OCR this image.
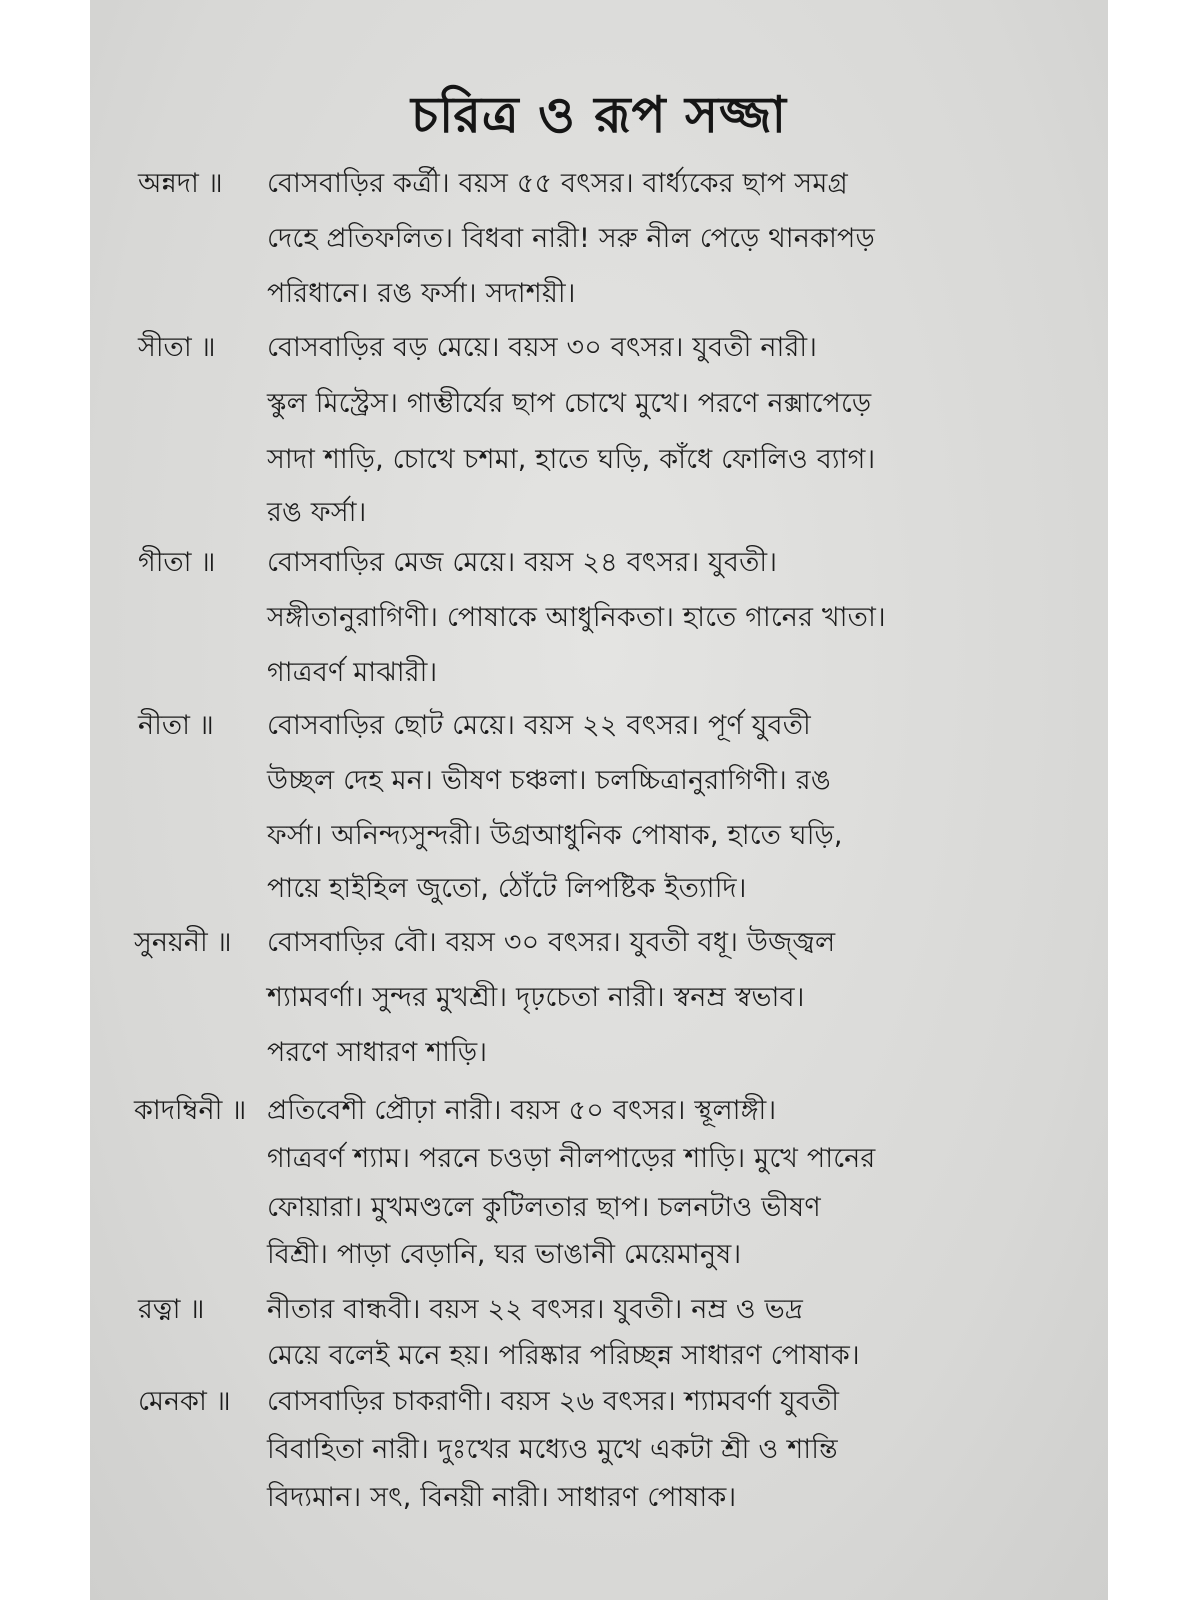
চরিত্র ও রূপ সজ্জা
অন্নদা ॥ বোসবাড়ির কর্ত্রী। বয়স ৫৫ বৎসর। বার্ধ্যকের ছাপ সমগ্র
দেহে প্রতিফলিত। বিধবা নারী! সরু নীল পেড়ে থানকাপড়
পরিধানে। রঙ ফর্সা। সদাশয়ী।
সীতা ॥ বোসবাড়ির বড় মেয়ে। বয়স ৩০ বৎসর। যুবতী নারী।
স্কুল মিস্ট্রেস। গাম্ভীর্যের ছাপ চোখে মুখে। পরণে নক্সাপেড়ে
সাদা শাড়ি, চোখে চশমা, হাতে ঘড়ি, কাঁধে ফোলিও ব্যাগ।
রঙ ফর্সা।
গীতা ॥ বোসবাড়ির মেজ মেয়ে। বয়স ২৪ বৎসর। যুবতী।
সঙ্গীতানুরাগিণী। পোষাকে আধুনিকতা। হাতে গানের খাতা।
গাত্রবর্ণ মাঝারী।
নীতা ॥ বোসবাড়ির ছোট মেয়ে। বয়স ২২ বৎসর। পূর্ণ যুবতী
উচ্ছল দেহ মন। ভীষণ চঞ্চলা। চলচ্চিত্রানুরাগিণী। রঙ
ফর্সা। অনিন্দ্যসুন্দরী। উগ্রআধুনিক পোষাক, হাতে ঘড়ি,
পায়ে হাইহিল জুতো, ঠোঁটে লিপষ্টিক ইত্যাদি।
সুনয়নী ॥ বোসবাড়ির বৌ। বয়স ৩০ বৎসর। যুবতী বধূ। উজ্জ্বল
শ্যামবর্ণা। সুন্দর মুখশ্রী। দৃঢ়চেতা নারী। স্বনম্র স্বভাব।
পরণে সাধারণ শাড়ি।
কাদম্বিনী ॥ প্রতিবেশী প্রৌঢ়া নারী। বয়স ৫০ বৎসর। স্থূলাঙ্গী।
গাত্রবর্ণ শ্যাম। পরনে চওড়া নীলপাড়ের শাড়ি। মুখে পানের
ফোয়ারা। মুখমণ্ডলে কুটিলতার ছাপ। চলনটাও ভীষণ
বিশ্রী। পাড়া বেড়ানি, ঘর ভাঙানী মেয়েমানুষ।
রত্না ॥ নীতার বান্ধবী। বয়স ২২ বৎসর। যুবতী। নম্র ও ভদ্র
মেয়ে বলেই মনে হয়। পরিষ্কার পরিচ্ছন্ন সাধারণ পোষাক।
মেনকা ॥ বোসবাড়ির চাকরাণী। বয়স ২৬ বৎসর। শ্যামবর্ণা যুবতী
বিবাহিতা নারী। দুঃখের মধ্যেও মুখে একটা শ্রী ও শান্তি
বিদ্যমান। সৎ, বিনয়ী নারী। সাধারণ পোষাক।
